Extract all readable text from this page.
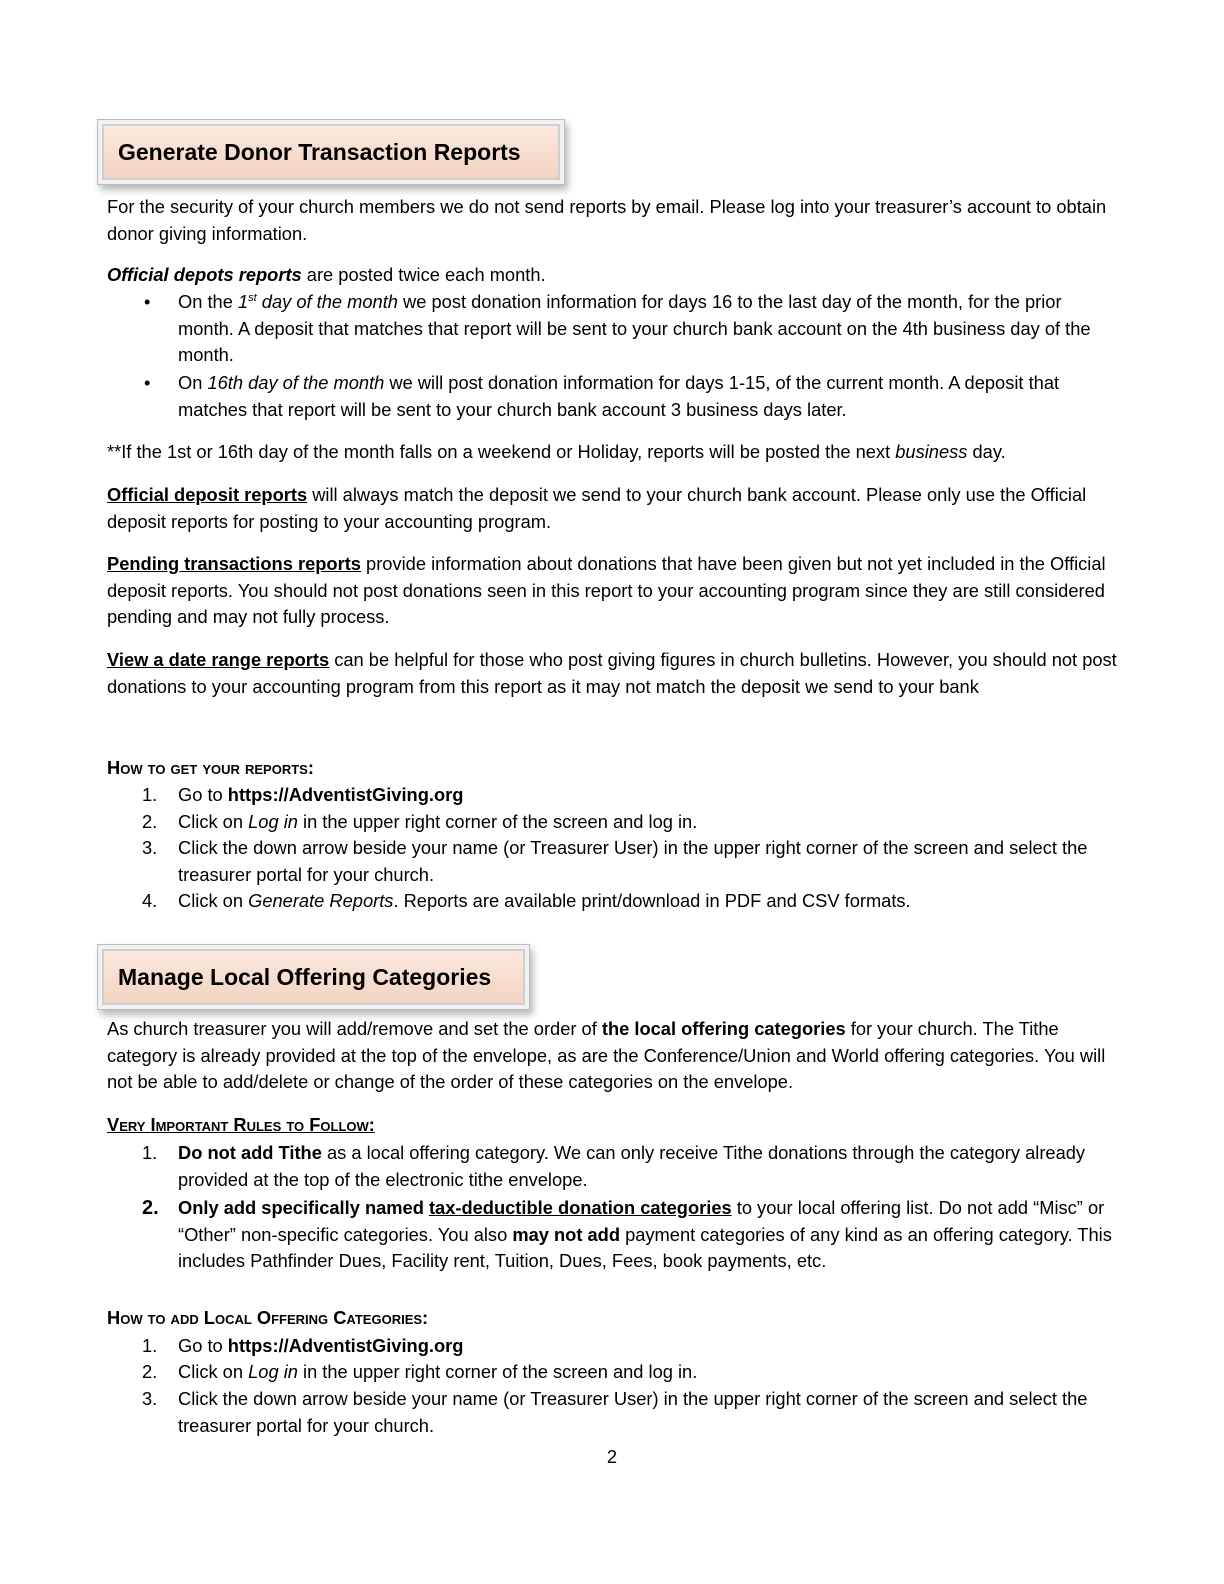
Generate Donor Transaction Reports

For the security of your church members we do not send reports by email. Please log into your treasurer’s account to obtain donor giving information.

Official depots reports are posted twice each month.

• On the 1st day of the month we post donation information for days 16 to the last day of the month, for the prior month. A deposit that matches that report will be sent to your church bank account on the 4th business day of the month.

• On 16th day of the month we will post donation information for days 1-15, of the current month. A deposit that matches that report will be sent to your church bank account 3 business days later.

**If the 1st or 16th day of the month falls on a weekend or Holiday, reports will be posted the next business day.

Official deposit reports will always match the deposit we send to your church bank account. Please only use the Official deposit reports for posting to your accounting program.

Pending transactions reports provide information about donations that have been given but not yet included in the Official deposit reports. You should not post donations seen in this report to your accounting program since they are still considered pending and may not fully process.

View a date range reports can be helpful for those who post giving figures in church bulletins. However, you should not post donations to your accounting program from this report as it may not match the deposit we send to your bank

How to get your reports:

1. Go to https://AdventistGiving.org

2. Click on Log in in the upper right corner of the screen and log in.

3. Click the down arrow beside your name (or Treasurer User) in the upper right corner of the screen and select the treasurer portal for your church.

4. Click on Generate Reports. Reports are available print/download in PDF and CSV formats.

Manage Local Offering Categories

As church treasurer you will add/remove and set the order of the local offering categories for your church. The Tithe category is already provided at the top of the envelope, as are the Conference/Union and World offering categories. You will not be able to add/delete or change of the order of these categories on the envelope.

Very Important Rules to Follow:

1. Do not add Tithe as a local offering category. We can only receive Tithe donations through the category already provided at the top of the electronic tithe envelope.

2. Only add specifically named tax-deductible donation categories to your local offering list. Do not add “Misc” or “Other” non-specific categories. You also may not add payment categories of any kind as an offering category. This includes Pathfinder Dues, Facility rent, Tuition, Dues, Fees, book payments, etc.

How to add Local Offering Categories:

1. Go to https://AdventistGiving.org

2. Click on Log in in the upper right corner of the screen and log in.

3. Click the down arrow beside your name (or Treasurer User) in the upper right corner of the screen and select the treasurer portal for your church.

2
